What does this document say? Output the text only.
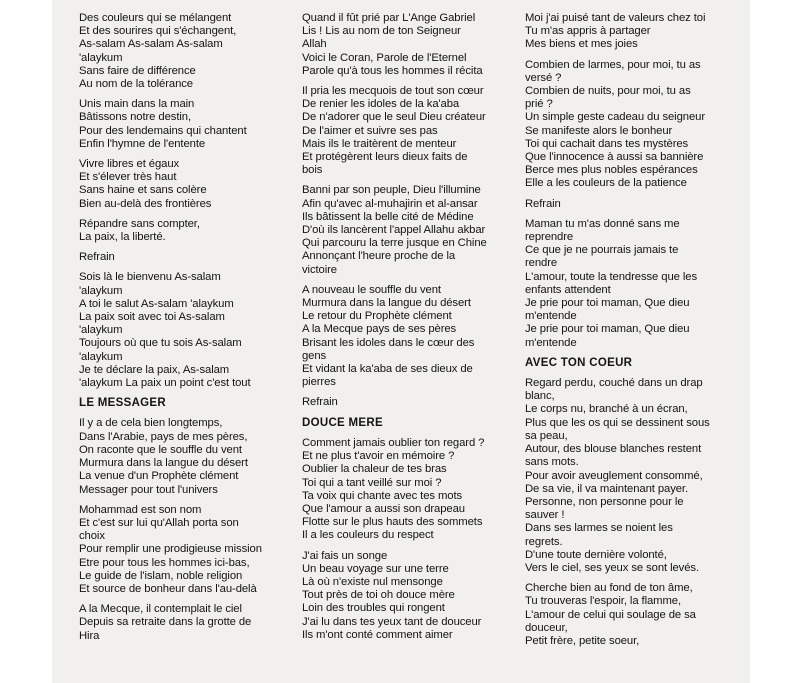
Des couleurs qui se mélangent
Et des sourires qui s'échangent,
As-salam As-salam As-salam
'alaykum
Sans faire de différence
Au nom de la tolérance
Unis main dans la main
Bâtissons notre destin,
Pour des lendemains qui chantent
Enfin l'hymne de l'entente
Vivre libres et égaux
Et s'élever très haut
Sans haine et sans colère
Bien au-delà des frontières
Répandre sans compter,
La paix, la liberté.
Refrain
Sois là le bienvenu As-salam
'alaykum
A toi le salut As-salam 'alaykum
La paix soit avec toi As-salam
'alaykum
Toujours où que tu sois As-salam
'alaykum
Je te déclare la paix, As-salam
'alaykum La paix un point c'est tout
LE MESSAGER
Il y a de cela bien longtemps,
Dans l'Arabie, pays de mes pères,
On raconte que le souffle du vent
Murmura dans la langue du désert
La venue d'un Prophète clément
Messager pour tout l'univers
Mohammad est son nom
Et c'est sur lui qu'Allah porta son
choix
Pour remplir une prodigieuse mission
Etre pour tous les hommes ici-bas,
Le guide de l'islam, noble religion
Et source de bonheur dans l'au-delà
A la Mecque, il contemplait le ciel
Depuis sa retraite dans la grotte de
Hira
Quand il fût prié par L'Ange Gabriel
Lis ! Lis au nom de ton Seigneur
Allah
Voici le Coran, Parole de l'Eternel
Parole qu'à tous les hommes il récita
Il pria les mecquois de tout son cœur
De renier les idoles de la ka'aba
De n'adorer que le seul Dieu créateur
De l'aimer et suivre ses pas
Mais ils le traitèrent de menteur
Et protégèrent leurs dieux faits de
bois
Banni par son peuple, Dieu l'illumine
Afin qu'avec al-muhajirin et al-ansar
Ils bâtissent la belle cité de Médine
D'où ils lancèrent l'appel Allahu akbar
Qui parcouru la terre jusque en Chine
Annonçant l'heure proche de la
victoire
A nouveau le souffle du vent
Murmura dans la langue du désert
Le retour du Prophète clément
A la Mecque pays de ses pères
Brisant les idoles dans le cœur des
gens
Et vidant la ka'aba de ses dieux de
pierres
Refrain
DOUCE MERE
Comment jamais oublier ton regard ?
Et ne plus t'avoir en mémoire ?
Oublier la chaleur de tes bras
Toi qui a tant veillé sur moi ?
Ta voix qui chante avec tes mots
Que l'amour a aussi son drapeau
Flotte sur le plus hauts des sommets
Il a les couleurs du respect
J'ai fais un songe
Un beau voyage sur une terre
Là où n'existe nul mensonge
Tout près de toi oh douce mère
Loin des troubles qui rongent
J'ai lu dans tes yeux tant de douceur
Ils m'ont conté comment aimer
Moi j'ai puisé tant de valeurs chez toi
Tu m'as appris à partager
Mes biens et mes joies
Combien de larmes, pour moi, tu as
versé ?
Combien de nuits, pour moi, tu as
prié ?
Un simple geste cadeau du seigneur
Se manifeste alors le bonheur
Toi qui cachait dans tes mystères
Que l'innocence à aussi sa bannière
Berce mes plus nobles espérances
Elle a les couleurs de la patience
Refrain
Maman tu m'as donné sans me
reprendre
Ce que je ne pourrais jamais te
rendre
L'amour, toute la tendresse que les
enfants attendent
Je prie pour toi maman, Que dieu
m'entende
Je prie pour toi maman, Que dieu
m'entende
AVEC TON COEUR
Regard perdu, couché dans un drap
blanc,
Le corps nu, branché à un écran,
Plus que les os qui se dessinent sous
sa peau,
Autour, des blouse blanches restent
sans mots.
Pour avoir aveuglement consommé,
De sa vie, il va maintenant payer.
Personne, non personne pour le
sauver !
Dans ses larmes se noient les
regrets.
D'une toute dernière volonté,
Vers le ciel, ses yeux se sont levés.
Cherche bien au fond de ton âme,
Tu trouveras l'espoir, la flamme,
L'amour de celui qui soulage de sa
douceur,
Petit frère, petite soeur,
